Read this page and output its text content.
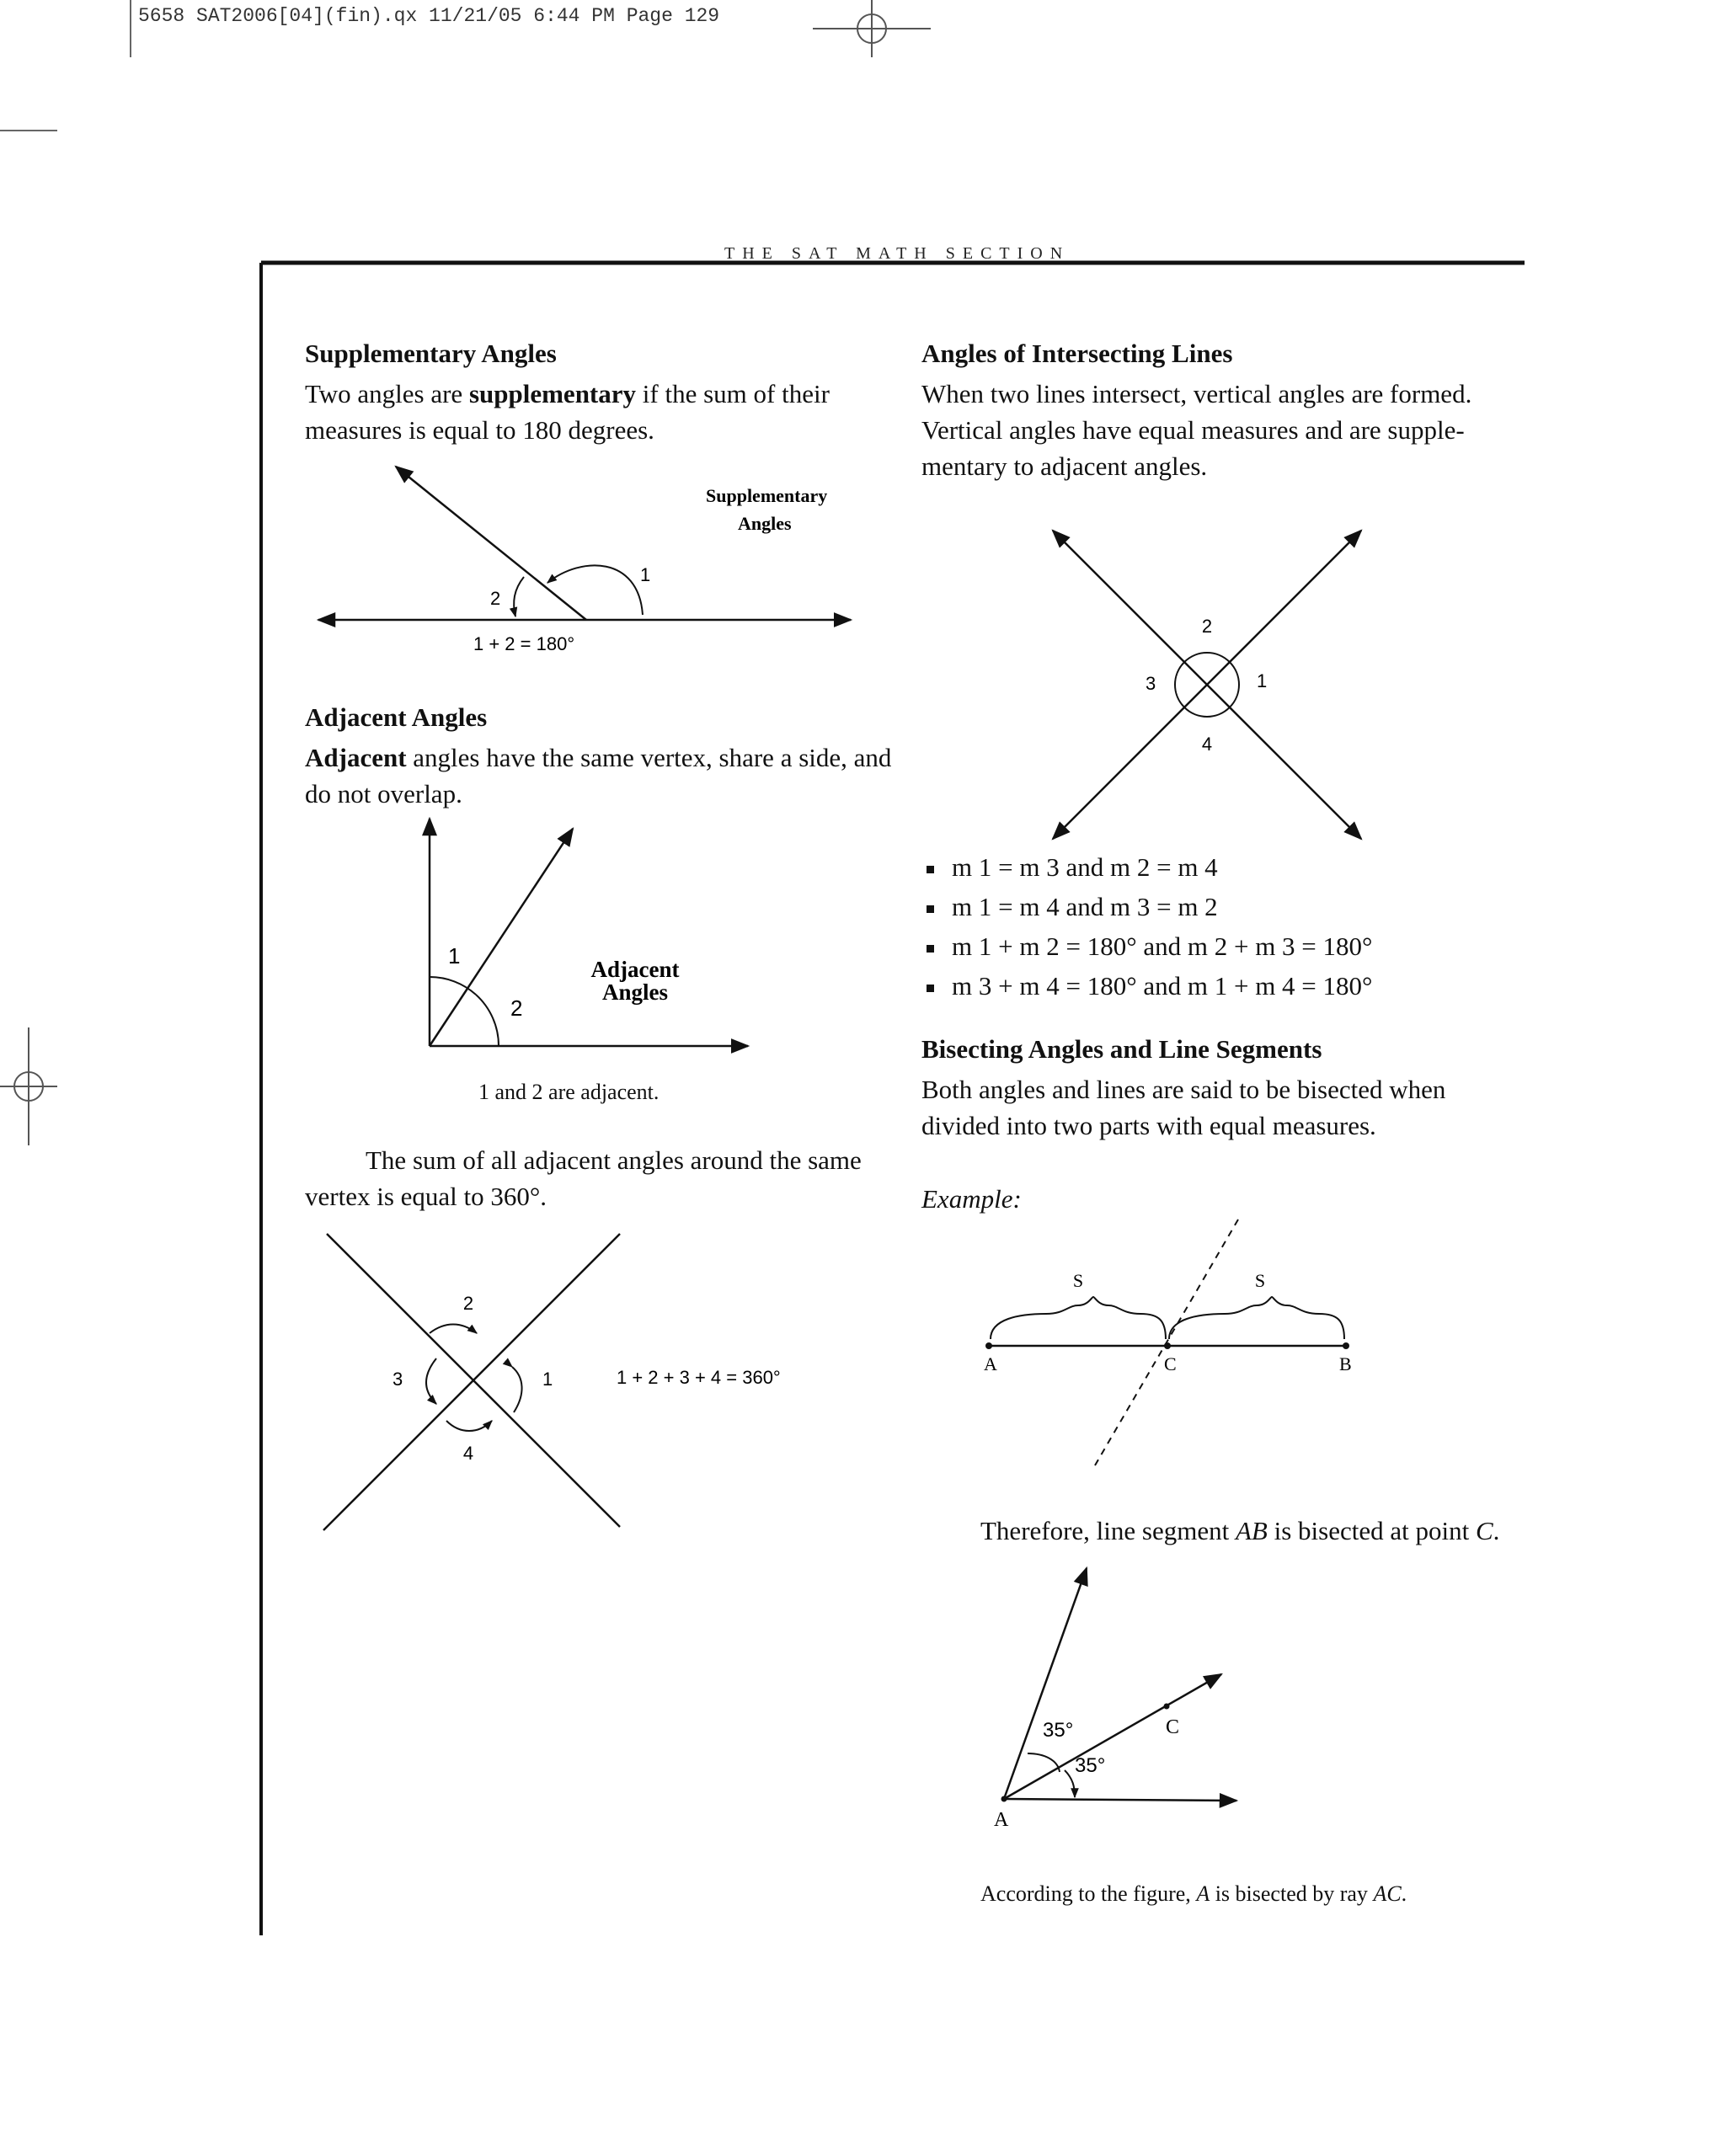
5658 SAT2006[04](fin).qx 11/21/05 6:44 PM Page 129
THE SAT MATH SECTION
Supplementary Angles
Two angles are supplementary if the sum of their measures is equal to 180 degrees.
1
2
1 + 2 = 180°
Supplementary
Angles
Adjacent Angles
Adjacent angles have the same vertex, share a side, and do not overlap.
1
2
Adjacent
Angles
1 and 2 are adjacent.
The sum of all adjacent angles around the same vertex is equal to 360°.
2
1
3
4
1 + 2 + 3 + 4 = 360°
Angles of Intersecting Lines
When two lines intersect, vertical angles are formed. Vertical angles have equal measures and are supple-mentary to adjacent angles.
2
1
3
4
m 1 = m 3 and m 2 = m 4
m 1 = m 4 and m 3 = m 2
m 1 + m 2 = 180° and m 2 + m 3 = 180°
m 3 + m 4 = 180° and m 1 + m 4 = 180°
Bisecting Angles and Line Segments
Both angles and lines are said to be bisected when divided into two parts with equal measures.
Example:
S	S
A	C	B
Therefore, line segment AB is bisected at point C.
35°
35°
C
A
According to the figure, A is bisected by ray AC.
